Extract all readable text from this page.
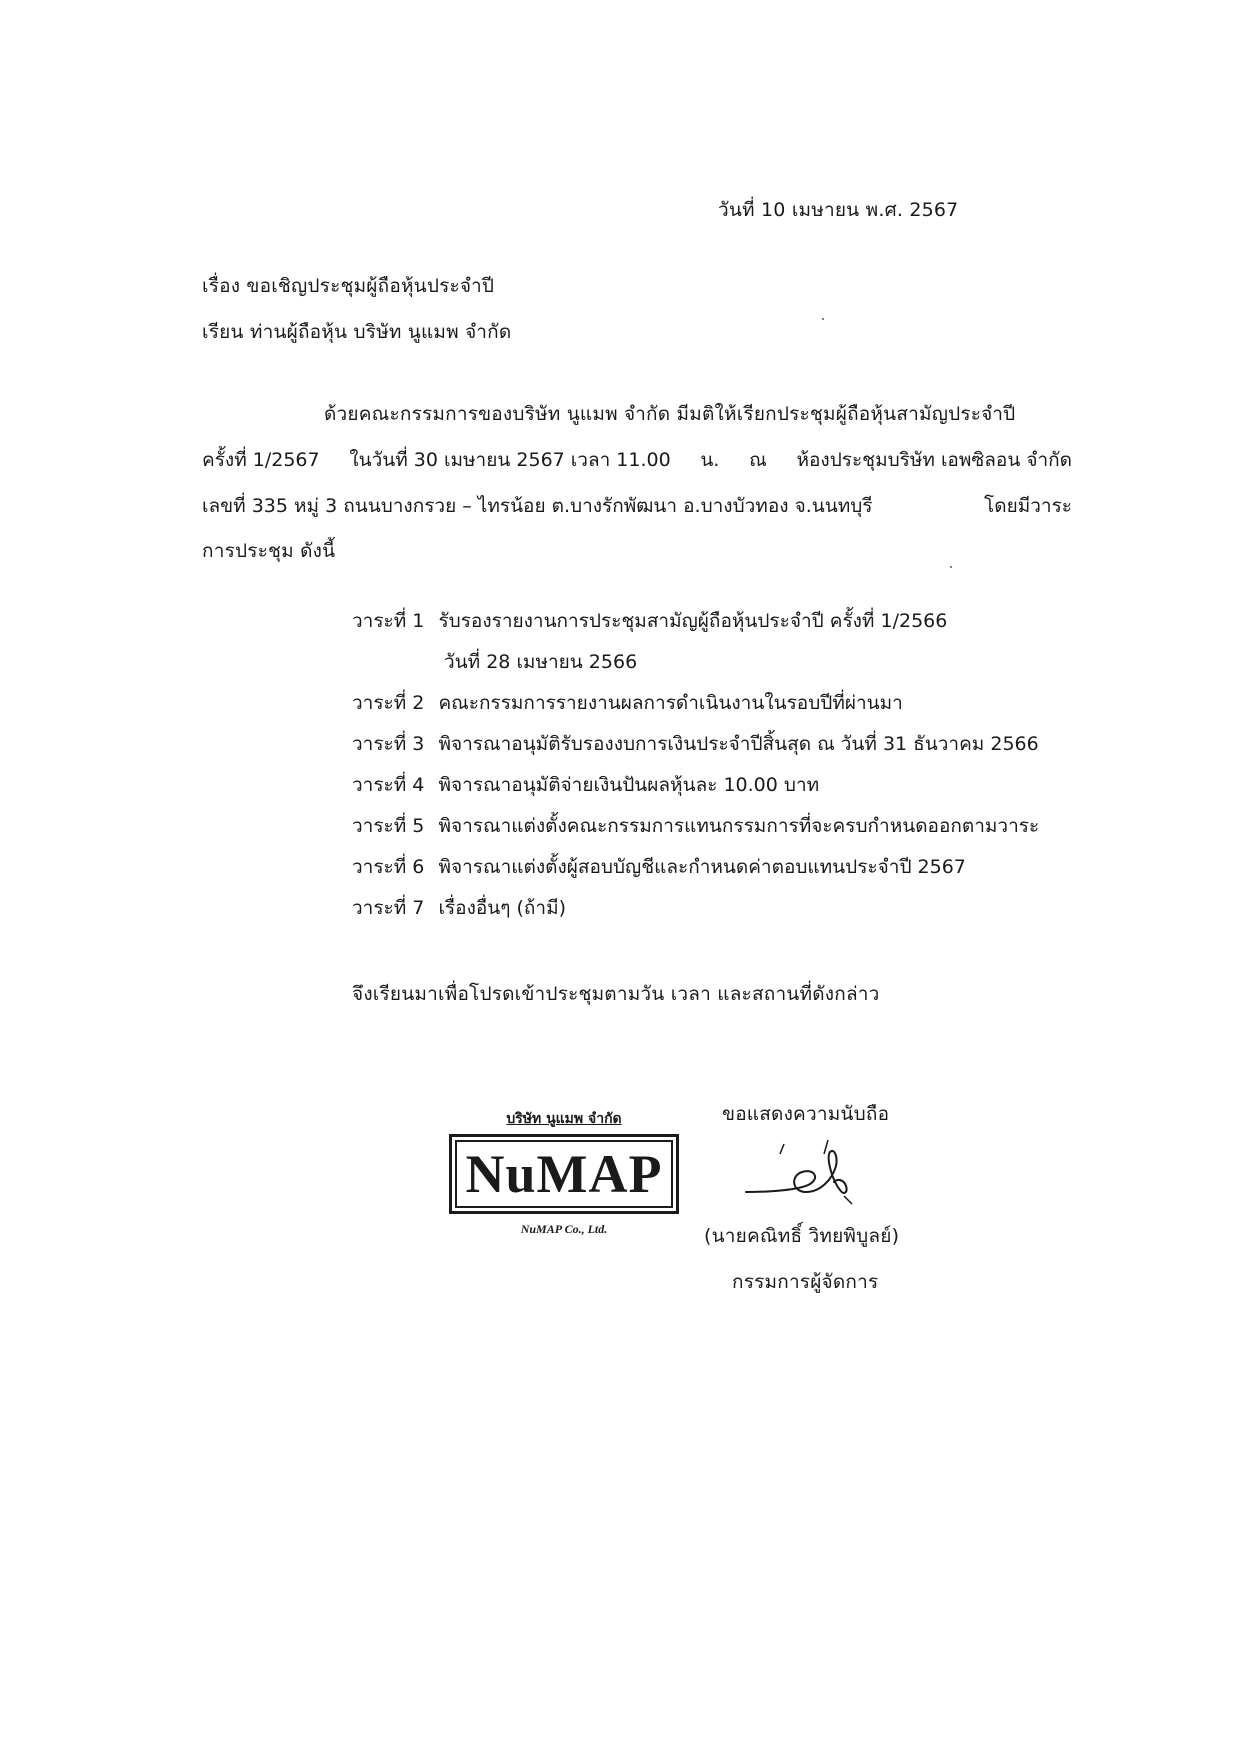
วันที่ 10 เมษายน พ.ศ. 2567
เรื่อง ขอเชิญประชุมผู้ถือหุ้นประจำปี
เรียน ท่านผู้ถือหุ้น บริษัท นูแมพ จำกัด
ด้วยคณะกรรมการของบริษัท นูแมพ จำกัด มีมติให้เรียกประชุมผู้ถือหุ้นสามัญประจำปี
ครั้งที่ 1/2567 ในวันที่ 30 เมษายน 2567 เวลา 11.00 น. ณ ห้องประชุมบริษัท เอพซิลอน จำกัด
เลขที่ 335 หมู่ 3 ถนนบางกรวย – ไทรน้อย ต.บางรักพัฒนา อ.บางบัวทอง จ.นนทบุรี	โดยมีวาระ
การประชุม ดังนี้
วาระที่ 1 รับรองรายงานการประชุมสามัญผู้ถือหุ้นประจำปี ครั้งที่ 1/2566
วันที่ 28 เมษายน 2566
วาระที่ 2 คณะกรรมการรายงานผลการดำเนินงานในรอบปีที่ผ่านมา
วาระที่ 3 พิจารณาอนุมัติรับรองงบการเงินประจำปีสิ้นสุด ณ วันที่ 31 ธันวาคม 2566
วาระที่ 4 พิจารณาอนุมัติจ่ายเงินปันผลหุ้นละ 10.00 บาท
วาระที่ 5 พิจารณาแต่งตั้งคณะกรรมการแทนกรรมการที่จะครบกำหนดออกตามวาระ
วาระที่ 6 พิจารณาแต่งตั้งผู้สอบบัญชีและกำหนดค่าตอบแทนประจำปี 2567
วาระที่ 7 เรื่องอื่นๆ (ถ้ามี)
จึงเรียนมาเพื่อโปรดเข้าประชุมตามวัน เวลา และสถานที่ดังกล่าว
ขอแสดงความนับถือ
บริษัท นูแมพ จำกัด
NuMAP
NuMAP Co., Ltd.	(นายคณิทธิ์ วิทยพิบูลย์)
กรรมการผู้จัดการ
